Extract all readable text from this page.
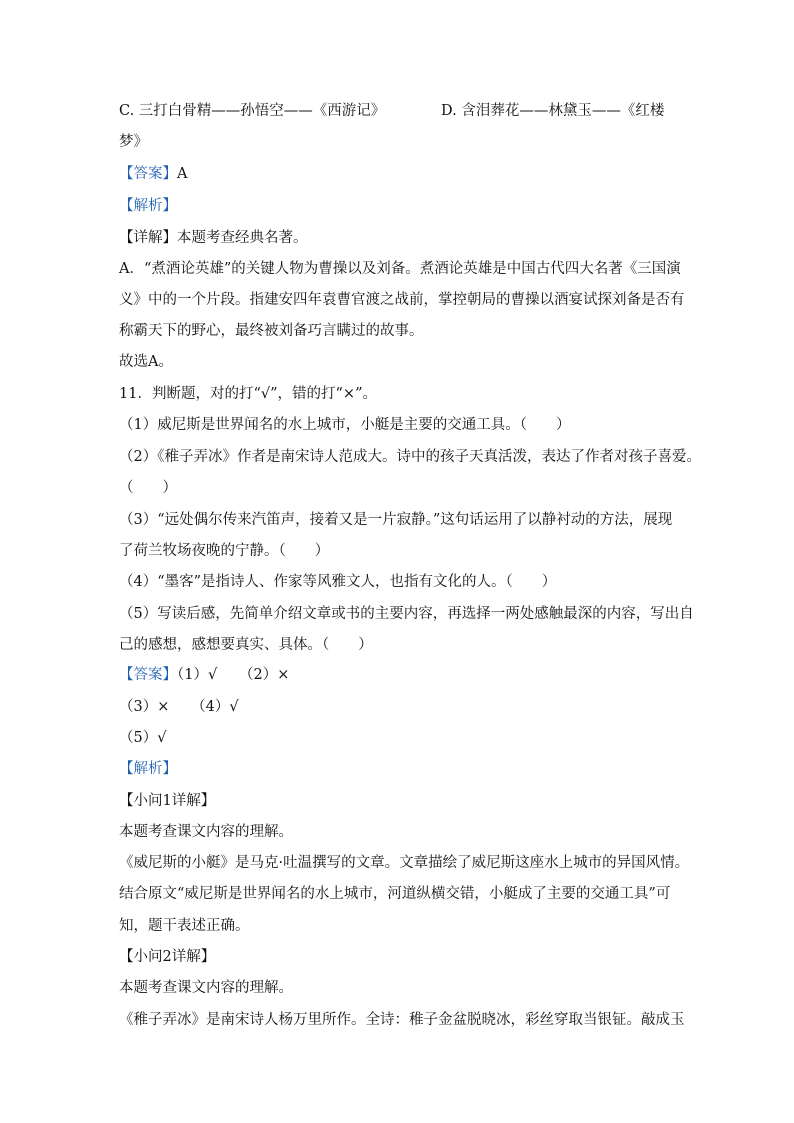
C. 三打白骨精——孙悟空——《西游记》	D. 含泪葬花——林黛玉——《红楼
梦》
【答案】A
【解析】
【详解】本题考查经典名著。
A．“煮酒论英雄”的关键人物为曹操以及刘备。煮酒论英雄是中国古代四大名著《三国演
义》中的一个片段。指建安四年袁曹官渡之战前，掌控朝局的曹操以酒宴试探刘备是否有
称霸天下的野心，最终被刘备巧言瞒过的故事。
故选A。
11．判断题，对的打“√”，错的打“×”。
（1）威尼斯是世界闻名的水上城市，小艇是主要的交通工具。（　　）
（2）《稚子弄冰》作者是南宋诗人范成大。诗中的孩子天真活泼，表达了作者对孩子喜爱。
（　　）
（3）“远处偶尔传来汽笛声，接着又是一片寂静。”这句话运用了以静衬动的方法，展现
了荷兰牧场夜晚的宁静。（　　）
（4）“墨客”是指诗人、作家等风雅文人，也指有文化的人。（　　）
（5）写读后感，先简单介绍文章或书的主要内容，再选择一两处感触最深的内容，写出自
己的感想，感想要真实、具体。（　　）
【答案】（1）√　　（2）×
（3）×　　（4）√
（5）√
【解析】
【小问1详解】
本题考查课文内容的理解。
《威尼斯的小艇》是马克·吐温撰写的文章。文章描绘了威尼斯这座水上城市的异国风情。
结合原文“威尼斯是世界闻名的水上城市，河道纵横交错，小艇成了主要的交通工具”可
知，题干表述正确。
【小问2详解】
本题考查课文内容的理解。
《稚子弄冰》是南宋诗人杨万里所作。全诗：稚子金盆脱晓冰，彩丝穿取当银钲。敲成玉
